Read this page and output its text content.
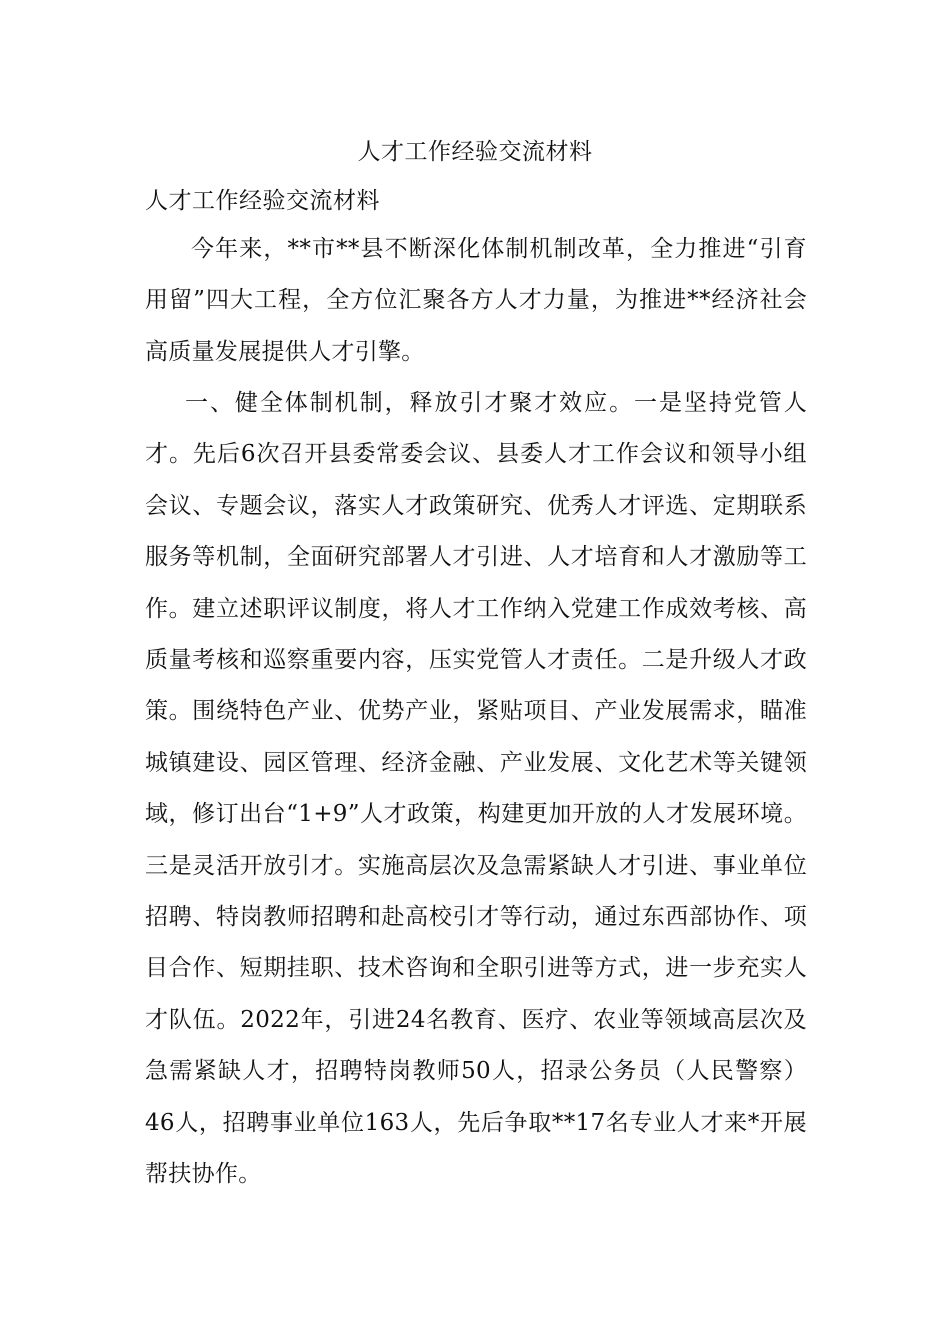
人才工作经验交流材料
人才工作经验交流材料

今年来，**市**县不断深化体制机制改革，全力推进“引育用留”四大工程，全方位汇聚各方人才力量，为推进**经济社会高质量发展提供人才引擎。

一、健全体制机制，释放引才聚才效应。一是坚持党管人才。先后6次召开县委常委会议、县委人才工作会议和领导小组会议、专题会议，落实人才政策研究、优秀人才评选、定期联系服务等机制，全面研究部署人才引进、人才培育和人才激励等工作。建立述职评议制度，将人才工作纳入党建工作成效考核、高质量考核和巡察重要内容，压实党管人才责任。二是升级人才政策。围绕特色产业、优势产业，紧贴项目、产业发展需求，瞄准城镇建设、园区管理、经济金融、产业发展、文化艺术等关键领域，修订出台“1+9”人才政策，构建更加开放的人才发展环境。三是灵活开放引才。实施高层次及急需紧缺人才引进、事业单位招聘、特岗教师招聘和赴高校引才等行动，通过东西部协作、项目合作、短期挂职、技术咨询和全职引进等方式，进一步充实人才队伍。2022年，引进24名教育、医疗、农业等领域高层次及急需紧缺人才，招聘特岗教师50人，招录公务员（人民警察）46人，招聘事业单位163人，先后争取**17名专业人才来*开展帮扶协作。
